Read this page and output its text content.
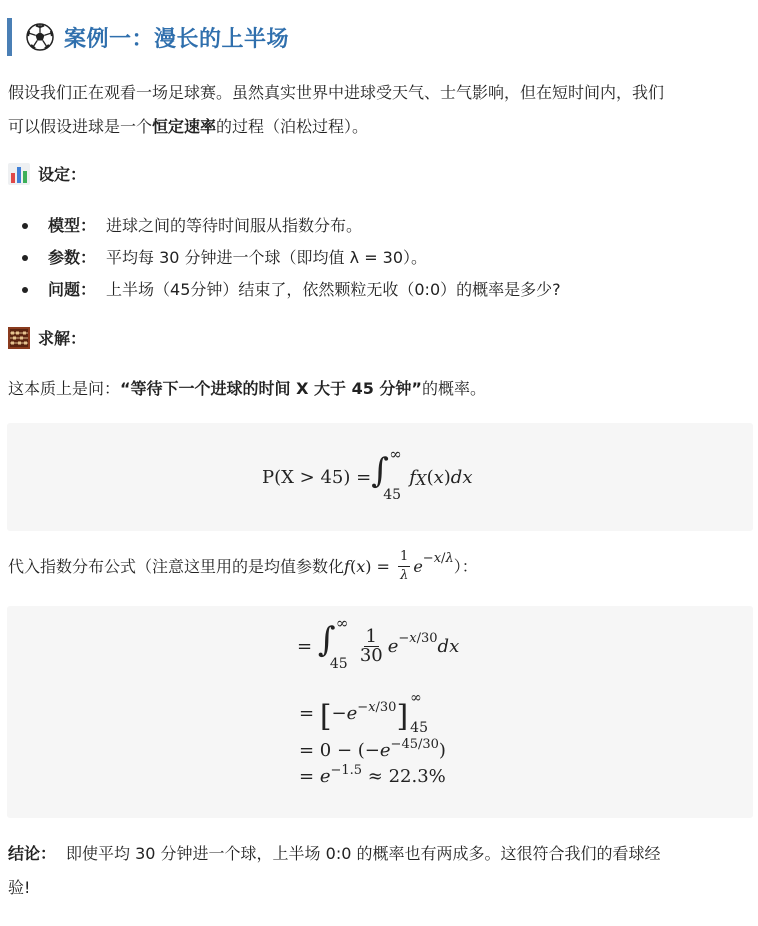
案例一：漫长的上半场
假设我们正在观看一场足球赛。虽然真实世界中进球受天气、士气影响，但在短时间内，我们
可以假设进球是一个恒定速率的过程（泊松过程）。
设定：
模型： 进球之间的等待时间服从指数分布。
参数： 平均每 30 分钟进一个球（即均值 λ = 30）。
问题： 上半场（45分钟）结束了，依然颗粒无收（0:0）的概率是多少?
求解：
这本质上是问：“等待下一个进球的时间 X 大于 45 分钟”的概率。
P(X > 45) = ∫ ∞
45
fX(x)dx
代入指数分布公式（注意这里用的是均值参数化 f ( x ) = $\frac{1}{\lambda}$ e −x/λ ）：
= ∫ ∞
$45 \frac{1}{30}$ e −x/30 dx
= [ $-e^{-x/30}$ ]
∞
45
= $0 - (-e^{-45/30})$
= $e^{-1.5} \approx 22.3\%$
结论： 即使平均 30 分钟进一个球，上半场 0:0 的概率也有两成多。这很符合我们的看球经
验!
